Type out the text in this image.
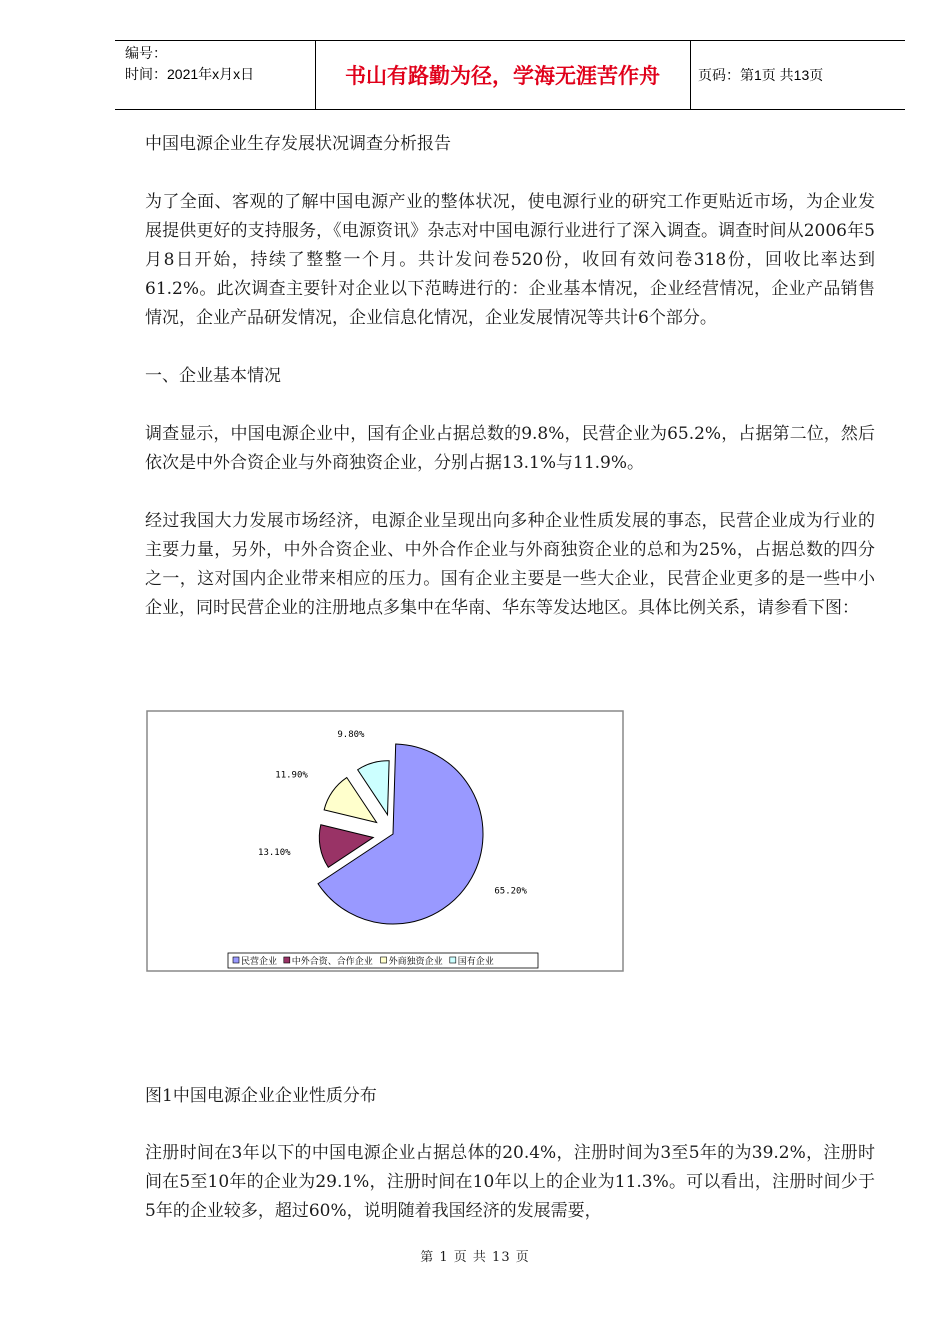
编号：
时间：2021年x月x日	书山有路勤为径，学海无涯苦作舟	页码：第1页 共13页

中国电源企业生存发展状况调查分析报告

为了全面、客观的了解中国电源产业的整体状况，使电源行业的研究工作更贴近市场，为企业发展提供更好的支持服务，《电源资讯》杂志对中国电源行业进行了深入调查。调查时间从2006年5月8日开始，持续了整整一个月。共计发问卷520份，收回有效问卷318份，回收比率达到61.2%。此次调查主要针对企业以下范畴进行的：企业基本情况，企业经营情况，企业产品销售情况，企业产品研发情况，企业信息化情况，企业发展情况等共计6个部分。

一、企业基本情况

调查显示，中国电源企业中，国有企业占据总数的9.8%，民营企业为65.2%，占据第二位，然后依次是中外合资企业与外商独资企业，分别占据13.1%与11.9%。

经过我国大力发展市场经济，电源企业呈现出向多种企业性质发展的事态，民营企业成为行业的主要力量，另外，中外合资企业、中外合作企业与外商独资企业的总和为25%，占据总数的四分之一，这对国内企业带来相应的压力。国有企业主要是一些大企业，民营企业更多的是一些中小企业，同时民营企业的注册地点多集中在华南、华东等发达地区。具体比例关系，请参看下图：

65.20%
13.10%
11.90%
9.80%
民营企业 中外合资、合作企业 外商独资企业 国有企业
图1中国电源企业企业性质分布
注册时间在3年以下的中国电源企业占据总体的20.4%，注册时间为3至5年的为39.2%，注册时间在5至10年的企业为29.1%，注册时间在10年以上的企业为11.3%。可以看出，注册时间少于5年的企业较多，超过60%，说明随着我国经济的发展需要，
第 1 页 共 13 页
